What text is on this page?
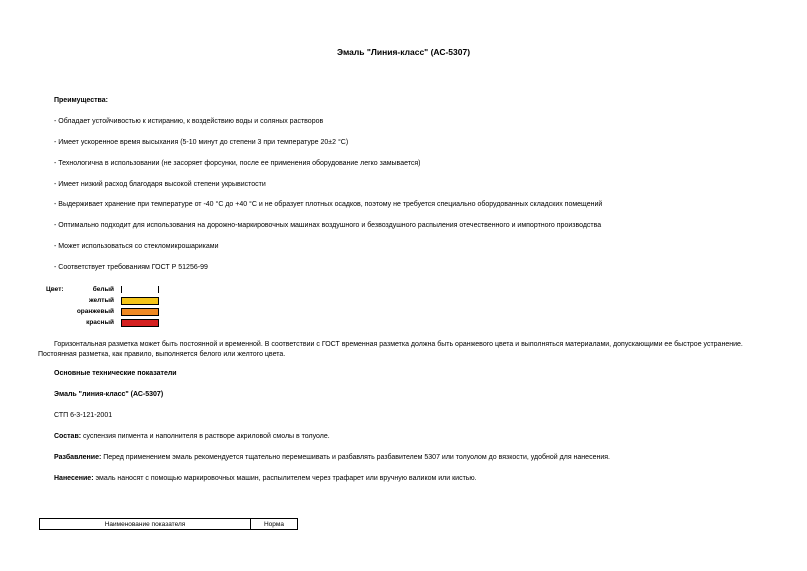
Эмаль "Линия-класс" (АС-5307)
Преимущества:
- Обладает устойчивостью к истиранию, к воздействию воды и соляных растворов
- Имеет ускоренное время высыхания (5-10 минут до степени 3 при температуре 20±2 °С)
- Технологична в использовании (не засоряет форсунки, после ее применения оборудование легко замывается)
- Имеет низкий расход благодаря высокой степени укрывистости
- Выдерживает хранение при температуре от -40 °С до +40 °С и не образует плотных осадков, поэтому не требуется специально оборудованных складских помещений
- Оптимально подходит для использования на дорожно-маркировочных машинах воздушного и безвоздушного распыления отечественного и импортного производства
- Может использоваться со стекломикрошариками
- Соответствует требованиям ГОСТ Р 51256-99
Цвет:	белый
желтый
оранжевый
красный
Горизонтальная разметка может быть постоянной и временной. В соответствии с ГОСТ временная разметка должна быть оранжевого цвета и выполняться материалами, допускающими ее быстрое устранение. Постоянная разметка, как правило, выполняется белого или желтого цвета.
Основные технические показатели
Эмаль "линия-класс" (АС-5307)
СТП 6-3-121-2001
Состав: суспензия пигмента и наполнителя в растворе акриловой смолы в толуоле.
Разбавление: Перед применением эмаль рекомендуется тщательно перемешивать и разбавлять разбавителем 5307 или толуолом до вязкости, удобной для нанесения.
Нанесение: эмаль наносят с помощью маркировочных машин, распылителем через трафарет или вручную валиком или кистью.
Наименование показателя	Норма
